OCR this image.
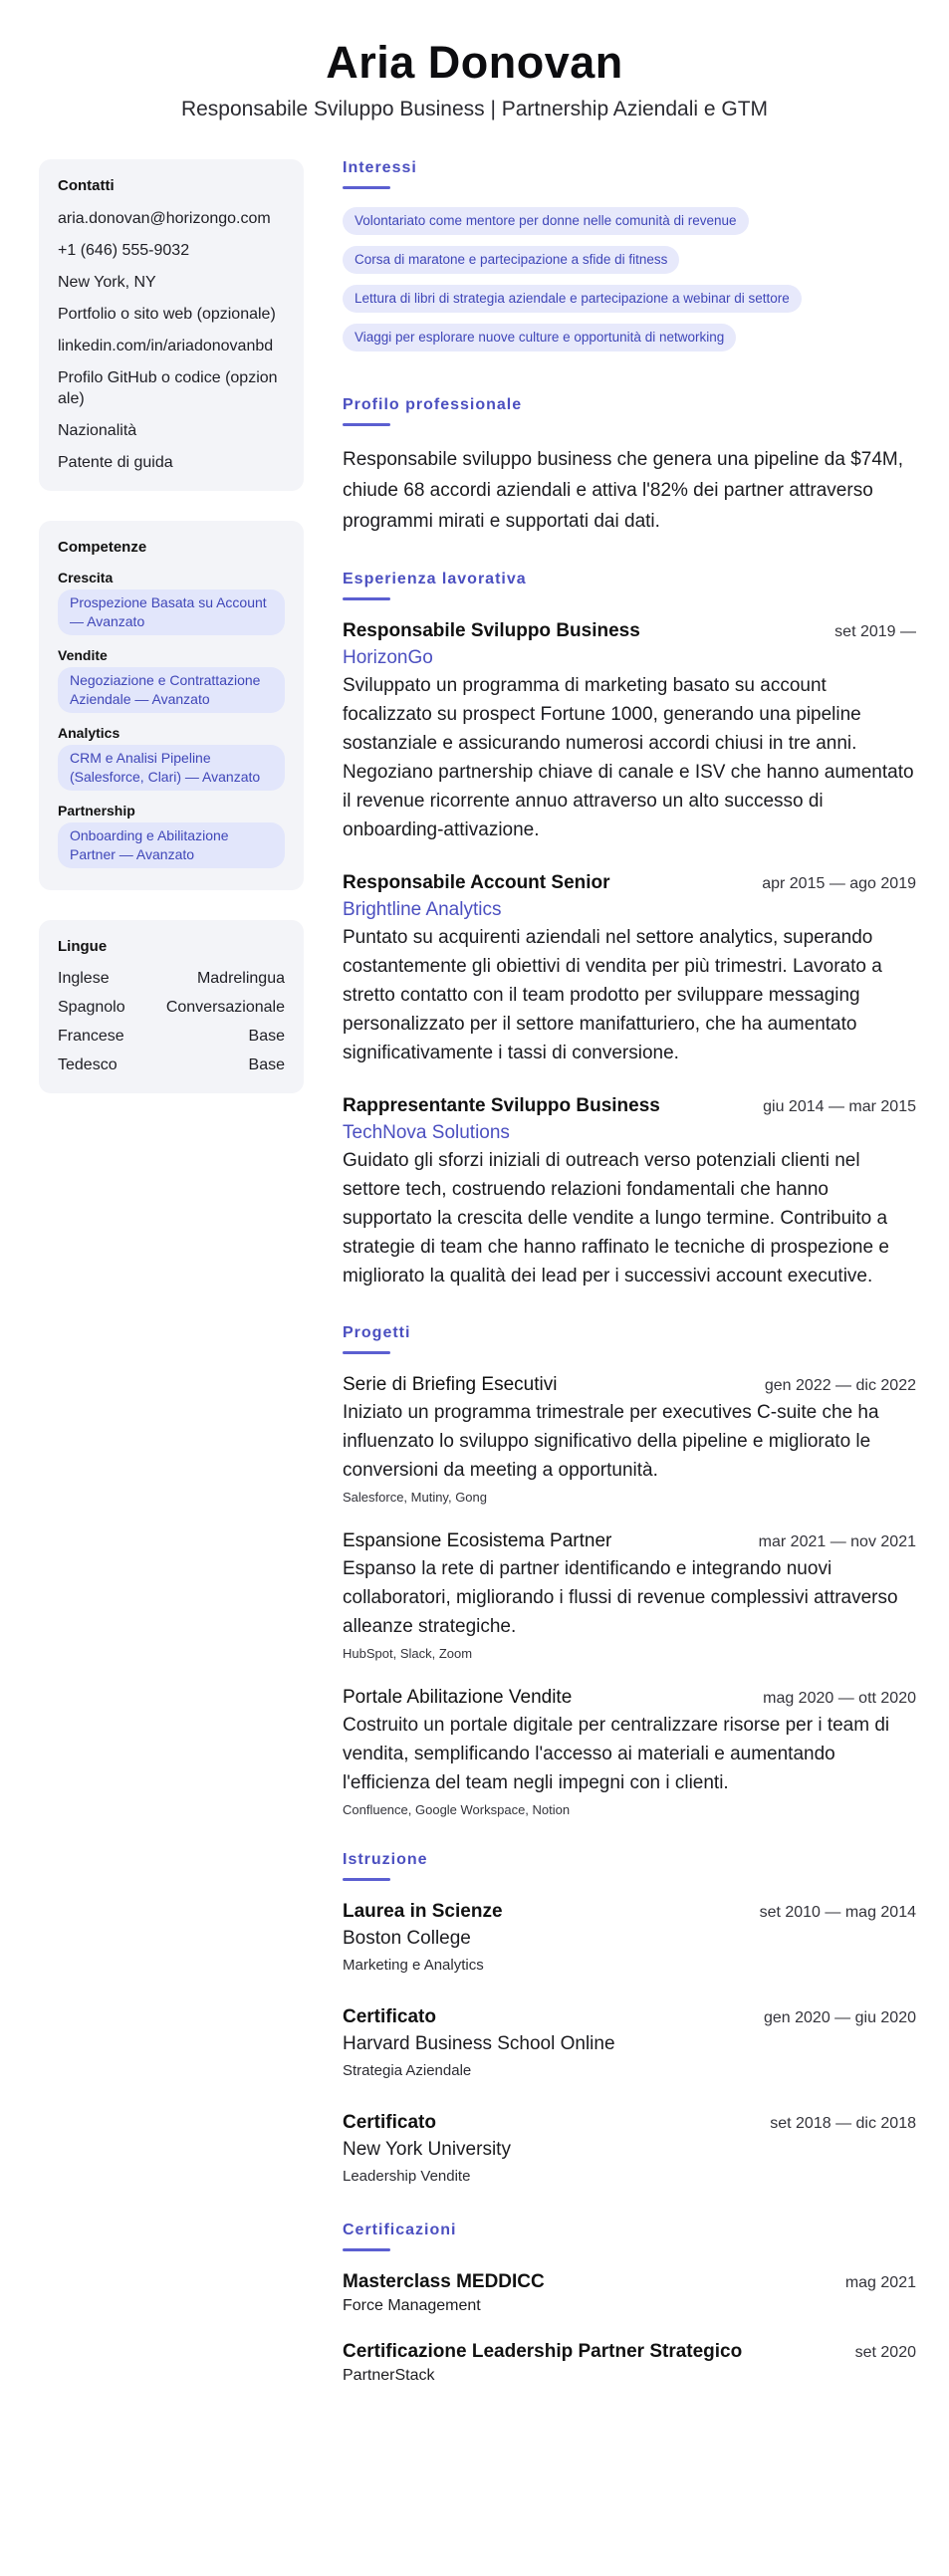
Aria Donovan
Responsabile Sviluppo Business | Partnership Aziendali e GTM
Contatti
aria.donovan@horizongo.com
+1 (646) 555-9032
New York, NY
Portfolio o sito web (opzionale)
linkedin.com/in/ariadonovanbd
Profilo GitHub o codice (opzionale)
Nazionalità
Patente di guida
Competenze
Crescita
Prospezione Basata su Account — Avanzato
Vendite
Negoziazione e Contrattazione Aziendale — Avanzato
Analytics
CRM e Analisi Pipeline (Salesforce, Clari) — Avanzato
Partnership
Onboarding e Abilitazione Partner — Avanzato
Lingue
Inglese	Madrelingua
Spagnolo	Conversazionale
Francese	Base
Tedesco	Base
Interessi
Volontariato come mentore per donne nelle comunità di revenue
Corsa di maratone e partecipazione a sfide di fitness
Lettura di libri di strategia aziendale e partecipazione a webinar di settore
Viaggi per esplorare nuove culture e opportunità di networking
Profilo professionale

Responsabile sviluppo business che genera una pipeline da $74M, chiude 68 accordi aziendali e attiva l'82% dei partner attraverso programmi mirati e supportati dai dati.

Esperienza lavorativa
Responsabile Sviluppo Business	set 2019 —
HorizonGo

Sviluppato un programma di marketing basato su account focalizzato su prospect Fortune 1000, generando una pipeline sostanziale e assicurando numerosi accordi chiusi in tre anni. Negoziano partnership chiave di canale e ISV che hanno aumentato il revenue ricorrente annuo attraverso un alto successo di onboarding-attivazione.

Responsabile Account Senior	apr 2015 — ago 2019
Brightline Analytics

Puntato su acquirenti aziendali nel settore analytics, superando costantemente gli obiettivi di vendita per più trimestri. Lavorato a stretto contatto con il team prodotto per sviluppare messaging personalizzato per il settore manifatturiero, che ha aumentato significativamente i tassi di conversione.

Rappresentante Sviluppo Business	giu 2014 — mar 2015
TechNova Solutions

Guidato gli sforzi iniziali di outreach verso potenziali clienti nel settore tech, costruendo relazioni fondamentali che hanno supportato la crescita delle vendite a lungo termine. Contribuito a strategie di team che hanno raffinato le tecniche di prospezione e migliorato la qualità dei lead per i successivi account executive.

Progetti
Serie di Briefing Esecutivi	gen 2022 — dic 2022

Iniziato un programma trimestrale per executives C-suite che ha influenzato lo sviluppo significativo della pipeline e migliorato le conversioni da meeting a opportunità.

Salesforce, Mutiny, Gong
Espansione Ecosistema Partner	mar 2021 — nov 2021

Espanso la rete di partner identificando e integrando nuovi collaboratori, migliorando i flussi di revenue complessivi attraverso alleanze strategiche.

HubSpot, Slack, Zoom
Portale Abilitazione Vendite	mag 2020 — ott 2020

Costruito un portale digitale per centralizzare risorse per i team di vendita, semplificando l'accesso ai materiali e aumentando l'efficienza del team negli impegni con i clienti.

Confluence, Google Workspace, Notion
Istruzione
Laurea in Scienze	set 2010 — mag 2014
Boston College
Marketing e Analytics
Certificato	gen 2020 — giu 2020
Harvard Business School Online
Strategia Aziendale
Certificato	set 2018 — dic 2018
New York University
Leadership Vendite
Certificazioni
Masterclass MEDDICC	mag 2021
Force Management
Certificazione Leadership Partner Strategico	set 2020
PartnerStack
